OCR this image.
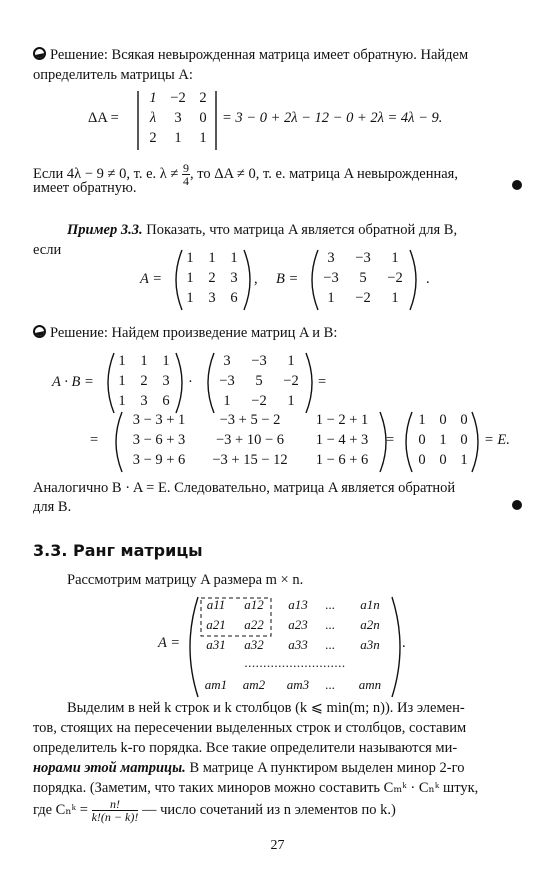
Решение: Всякая невырожденная матрица имеет обратную. Найдем
определитель матрицы A:
ΔA =
1 −2 2
λ	3	0
2	1	1
= 3 − 0 + 2λ − 12 − 0 + 2λ = 4λ − 9.
Если 4λ − 9 ≠ 0, т. е. $\lambda \ne \frac{9}{4}$ , то ΔA ≠ 0, т. е. матрица A невырожденная,
имеет обратную.
Пример 3.3. Показать, что матрица A является обратной для B,
если
A =
1	1	1
1	2	3
1	3	6
, B =
3	−3	1
−3	5	−2
1	−2	1
.
Решение: Найдем произведение матриц A и B:
A · B =
1	1	1
1	2	3
1	3	6
·
3	−3	1
−3	5	−2
1	−2	1
=
=
3 − 3 + 1	−3 + 5 − 2	1 − 2 + 1
3 − 6 + 3	−3 + 10 − 6	1 − 4 + 3
3 − 9 + 6	−3 + 15 − 12	1 − 6 + 6
=
1 0 0
0 1 0
0 0 1
= E.
Аналогично B · A = E. Следовательно, матрица A является обратной
для B.
3.3. Ранг матрицы
Рассмотрим матрицу A размера m × n.
A =
a11	a12	a13	...	a1n
a21	a22	a23	...	a2n
a31	a32	a33	...	a3n
...........................
am1	am2	am3	...	amn
.
Выделим в ней k строк и k столбцов (k ⩽ min(m; n)). Из элемен-
тов, стоящих на пересечении выделенных строк и столбцов, составим
определитель k-го порядка. Все такие определители называются ми-
норами этой матрицы. В матрице A пунктиром выделен минор 2-го
порядка. (Заметим, что таких миноров можно составить Cₘᵏ · Cₙᵏ штук,
где Cₙᵏ = $\frac{n!}{k!(n - k)!}$ — число сочетаний из n элементов по k.)
27
